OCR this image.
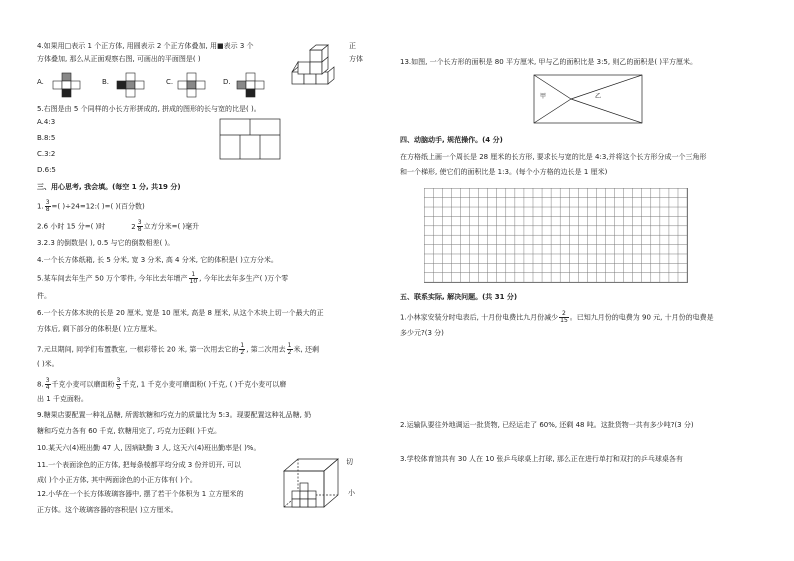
4.如果用□表示 1 个正方体, 用圆表示 2 个正方体叠加, 用■表示 3 个	正
方体叠加, 那么从正面观察右图, 可画出的平面图是( )	方体
A.	B.	C.	D.
5.右图是由 5 个同样的小长方形拼成的, 拼成的图形的长与宽的比是( )。
A.4:3
B.8:5
C.3:2
D.6:5
三、用心思考, 我会填。(每空 1 分, 共19 分)
1. $\frac{3}{8}$ =( )÷24=12:( )=( )(百分数)
2.6 小时 15 分=( )时	$2 \frac{3}{8}$ 立方分米=( )毫升
3.2.3 的倒数是( ), 0.5 与它的倒数相差( )。
4.一个长方体纸箱, 长 5 分米, 宽 3 分米, 高 4 分米, 它的体积是( )立方分米。
5.某车间去年生产 50 万个零件, 今年比去年增产 $\frac{1}{10}$ , 今年比去年多生产( )万个零
件。
6.一个长方体木块的长是 20 厘米, 宽是 10 厘米, 高是 8 厘米, 从这个木块上切一个最大的正
方体后, 剩下部分的体积是( )立方厘米。
7.元旦期间, 同学们布置教室, 一根彩带长 20 米, 第一次用去它的 $\frac{1}{2}$ , 第二次用去 $\frac{1}{2}$ 米, 还剩
( )米。
8. $\frac{3}{4}$ 千克小麦可以磨面粉 $\frac{3}{5}$ 千克, 1 千克小麦可磨面粉( )千克, ( )千克小麦可以磨
出 1 千克面粉。
9.糖果店要配置一种礼品糖, 所需软糖和巧克力的质量比为 5:3。现要配置这种礼品糖, 奶
糖和巧克力各有 60 千克, 软糖用完了, 巧克力还剩( )千克。
10.某天六(4)班出勤 47 人, 因病缺勤 3 人, 这天六(4)班出勤率是( )%。
11.一个表面涂色的正方体, 把每条棱都平均分成 3 份并切开, 可以	切
成( )个小正方体, 其中两面涂色的小正方体有( )个。
12.小华在一个长方体玻璃容器中, 摆了若干个体积为 1 立方厘米的	小
正方体。这个玻璃容器的容积是( )立方厘米。
13.如图, 一个长方形的面积是 80 平方厘米, 甲与乙的面积比是 3:5, 则乙的面积是( )平方厘米。
甲	乙
四、动脑动手, 规范操作。(4 分)
在方格纸上画一个周长是 28 厘米的长方形, 要求长与宽的比是 4:3,并将这个长方形分成一个三角形
和一个梯形, 使它们的面积比是 1:3。(每个小方格的边长是 1 厘米)
五、联系实际, 解决问题。(共 31 分)
1.小林家安装分时电表后, 十月份电费比九月份减少 $\frac{2}{15}$ 。已知九月份的电费为 90 元, 十月份的电费是
多少元?(3 分)
2.运输队要往外地调运一批货物, 已经运走了 60%, 还剩 48 吨。这批货物一共有多少吨?(3 分)
3.学校体育馆共有 30 人在 10 张乒乓球桌上打球, 那么正在进行单打和双打的乒乓球桌各有
